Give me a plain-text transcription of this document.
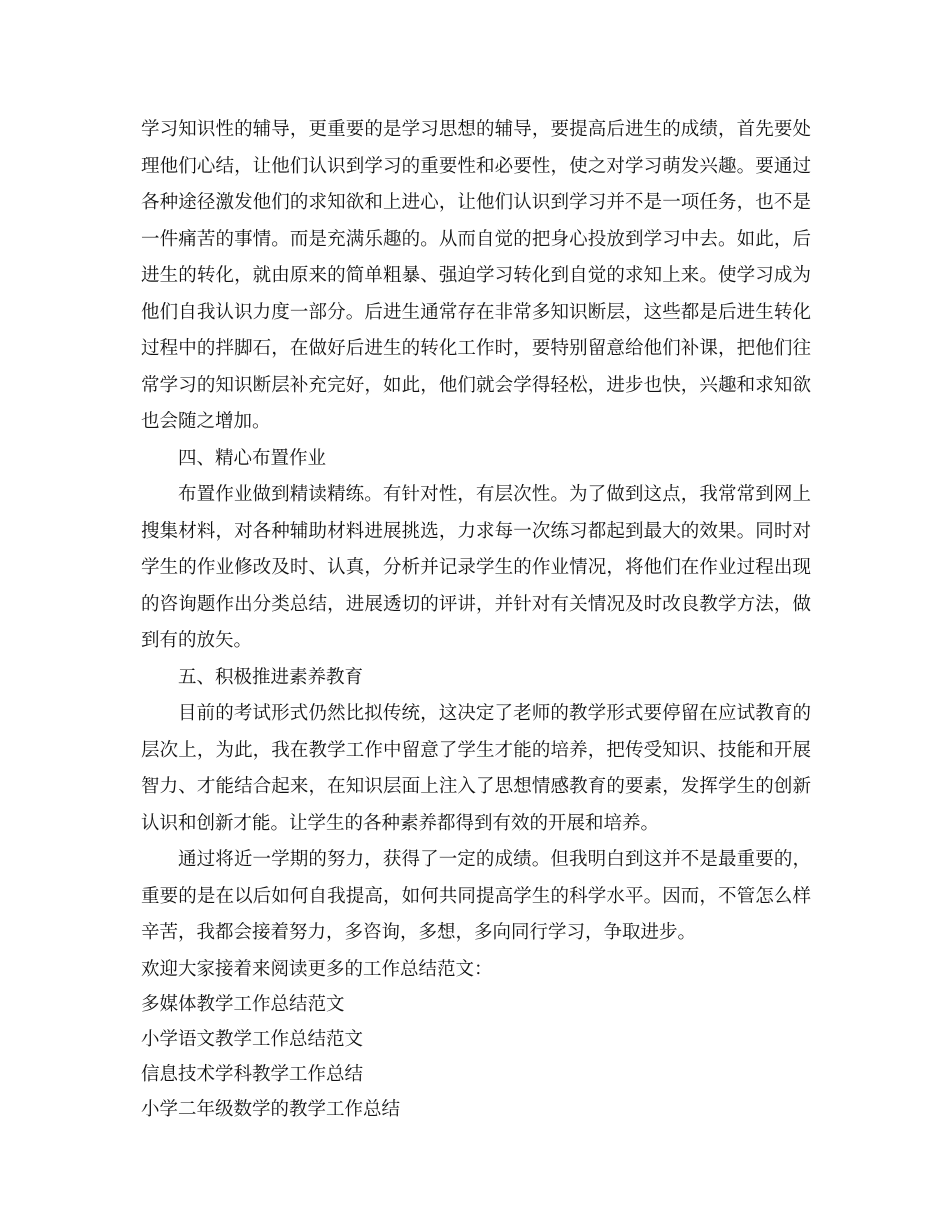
学习知识性的辅导，更重要的是学习思想的辅导，要提高后进生的成绩，首先要处理他们心结，让他们认识到学习的重要性和必要性，使之对学习萌发兴趣。要通过各种途径激发他们的求知欲和上进心，让他们认识到学习并不是一项任务，也不是一件痛苦的事情。而是充满乐趣的。从而自觉的把身心投放到学习中去。如此，后进生的转化，就由原来的简单粗暴、强迫学习转化到自觉的求知上来。使学习成为他们自我认识力度一部分。后进生通常存在非常多知识断层，这些都是后进生转化过程中的拌脚石，在做好后进生的转化工作时，要特别留意给他们补课，把他们往常学习的知识断层补充完好，如此，他们就会学得轻松，进步也快，兴趣和求知欲也会随之增加。

四、精心布置作业

布置作业做到精读精练。有针对性，有层次性。为了做到这点，我常常到网上搜集材料，对各种辅助材料进展挑选，力求每一次练习都起到最大的效果。同时对学生的作业修改及时、认真，分析并记录学生的作业情况，将他们在作业过程出现的咨询题作出分类总结，进展透切的评讲，并针对有关情况及时改良教学方法，做到有的放矢。

五、积极推进素养教育

目前的考试形式仍然比拟传统，这决定了老师的教学形式要停留在应试教育的层次上，为此，我在教学工作中留意了学生才能的培养，把传受知识、技能和开展智力、才能结合起来，在知识层面上注入了思想情感教育的要素，发挥学生的创新认识和创新才能。让学生的各种素养都得到有效的开展和培养。

通过将近一学期的努力，获得了一定的成绩。但我明白到这并不是最重要的，重要的是在以后如何自我提高，如何共同提高学生的科学水平。因而，不管怎么样辛苦，我都会接着努力，多咨询，多想，多向同行学习，争取进步。

欢迎大家接着来阅读更多的工作总结范文：

多媒体教学工作总结范文

小学语文教学工作总结范文

信息技术学科教学工作总结

小学二年级数学的教学工作总结
